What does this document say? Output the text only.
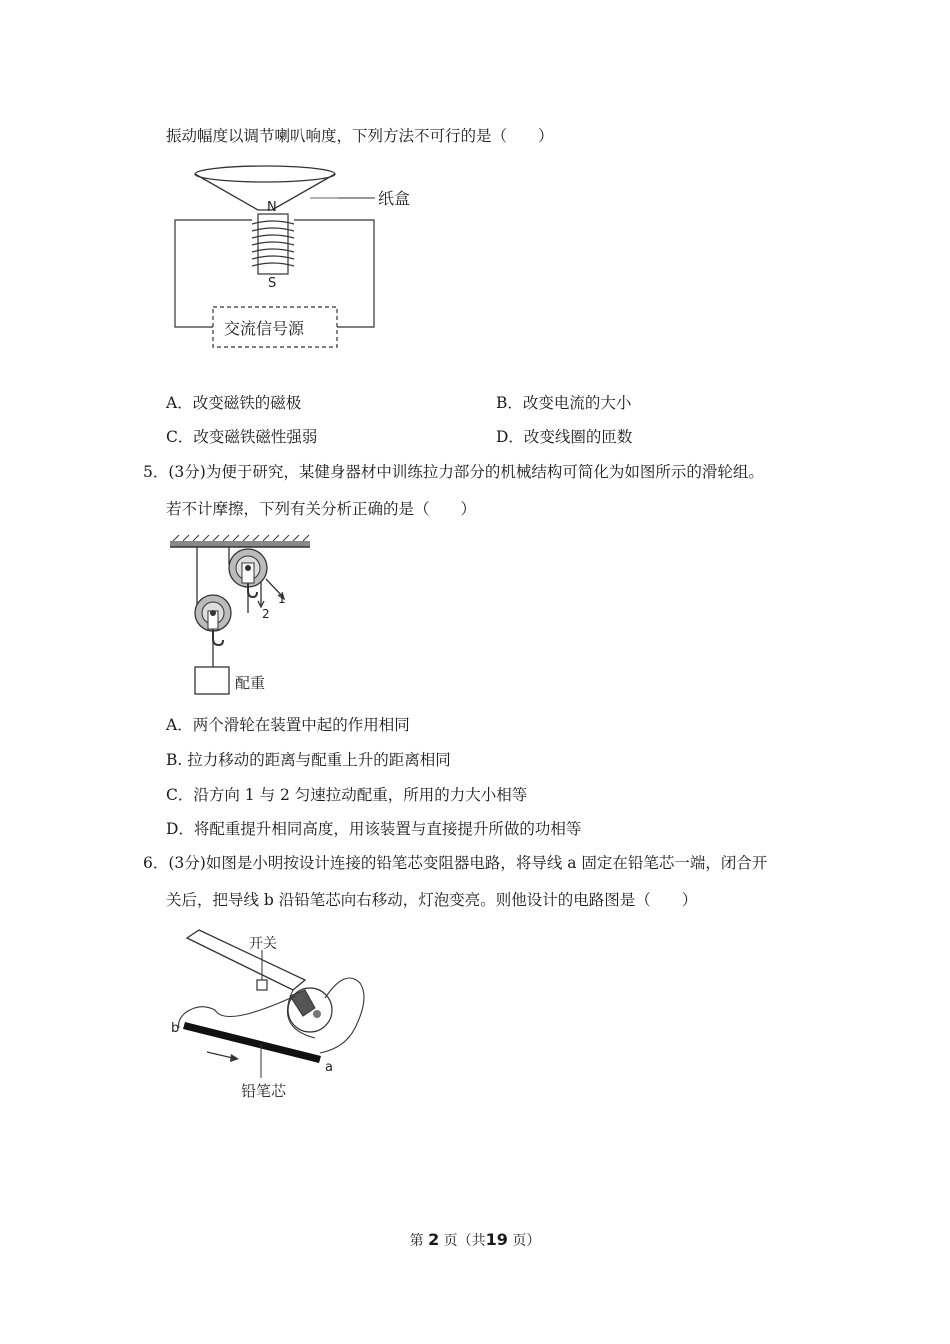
振动幅度以调节喇叭响度，下列方法不可行的是（　　）
纸盒
N
S
交流信号源
A．改变磁铁的磁极	B．改变电流的大小
C．改变磁铁磁性强弱	D．改变线圈的匝数
5．(3分)为便于研究，某健身器材中训练拉力部分的机械结构可简化为如图所示的滑轮组。
若不计摩擦，下列有关分析正确的是（　　）
1
2
配重
A．两个滑轮在装置中起的作用相同
B. 拉力移动的距离与配重上升的距离相同
C．沿方向 1 与 2 匀速拉动配重，所用的力大小相等
D．将配重提升相同高度，用该装置与直接提升所做的功相等
6．(3分)如图是小明按设计连接的铅笔芯变阻器电路，将导线 a 固定在铅笔芯一端，闭合开
关后，把导线 b 沿铅笔芯向右移动，灯泡变亮。则他设计的电路图是（　　）
开关
b
a
铅笔芯
第 2 页（共19 页）
